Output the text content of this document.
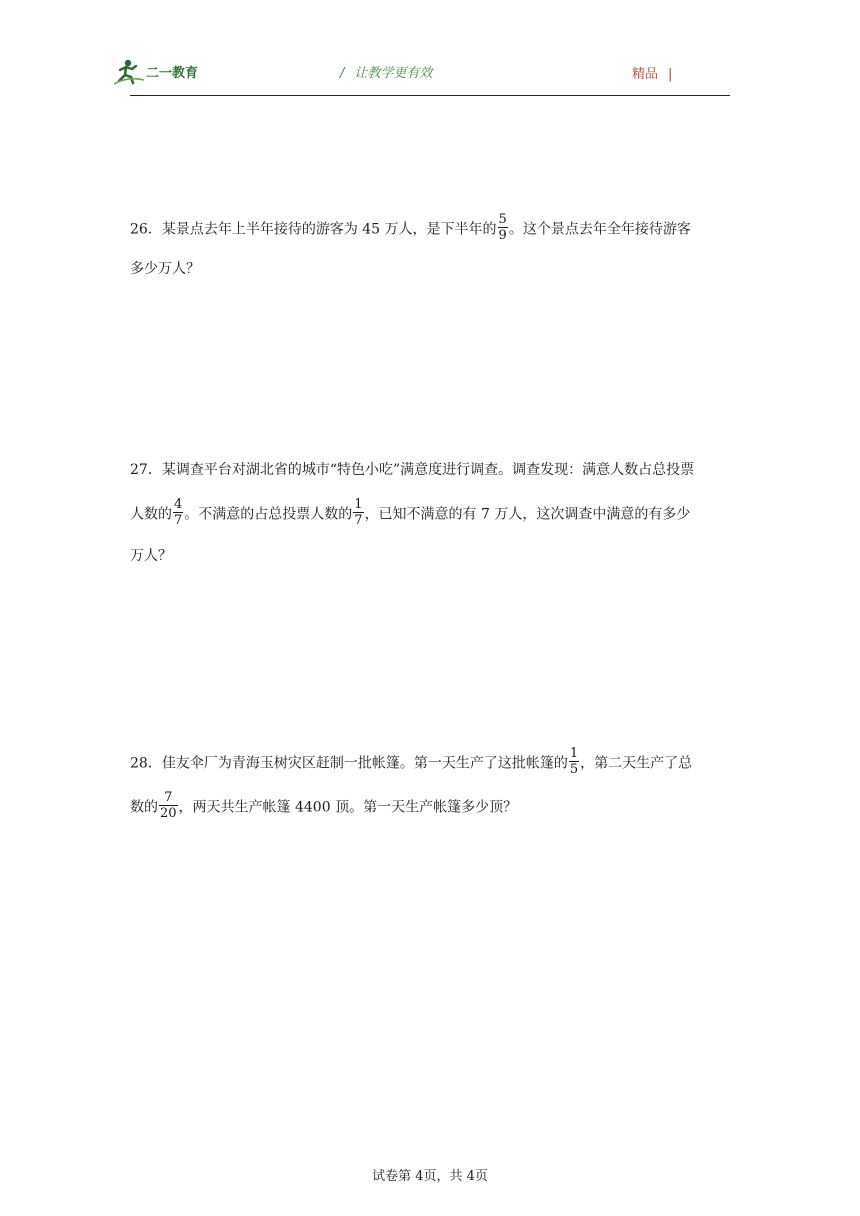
二一教育	/ 让教学更有效	精品 |
26．某景点去年上半年接待的游客为 45 万人，是下半年的 $\frac{5}{9}$ 。这个景点去年全年接待游客
多少万人？
27．某调查平台对湖北省的城市“特色小吃”满意度进行调查。调查发现：满意人数占总投票
人数的 $\frac{4}{7}$ 。不满意的占总投票人数的 $\frac{1}{7}$ ，已知不满意的有 7 万人，这次调查中满意的有多少
万人？
28．佳友伞厂为青海玉树灾区赶制一批帐篷。第一天生产了这批帐篷的 $\frac{1}{5}$ ，第二天生产了总
数的 $\frac{7}{20}$ ，两天共生产帐篷 4400 顶。第一天生产帐篷多少顶？
试卷第 4页，共 4页
